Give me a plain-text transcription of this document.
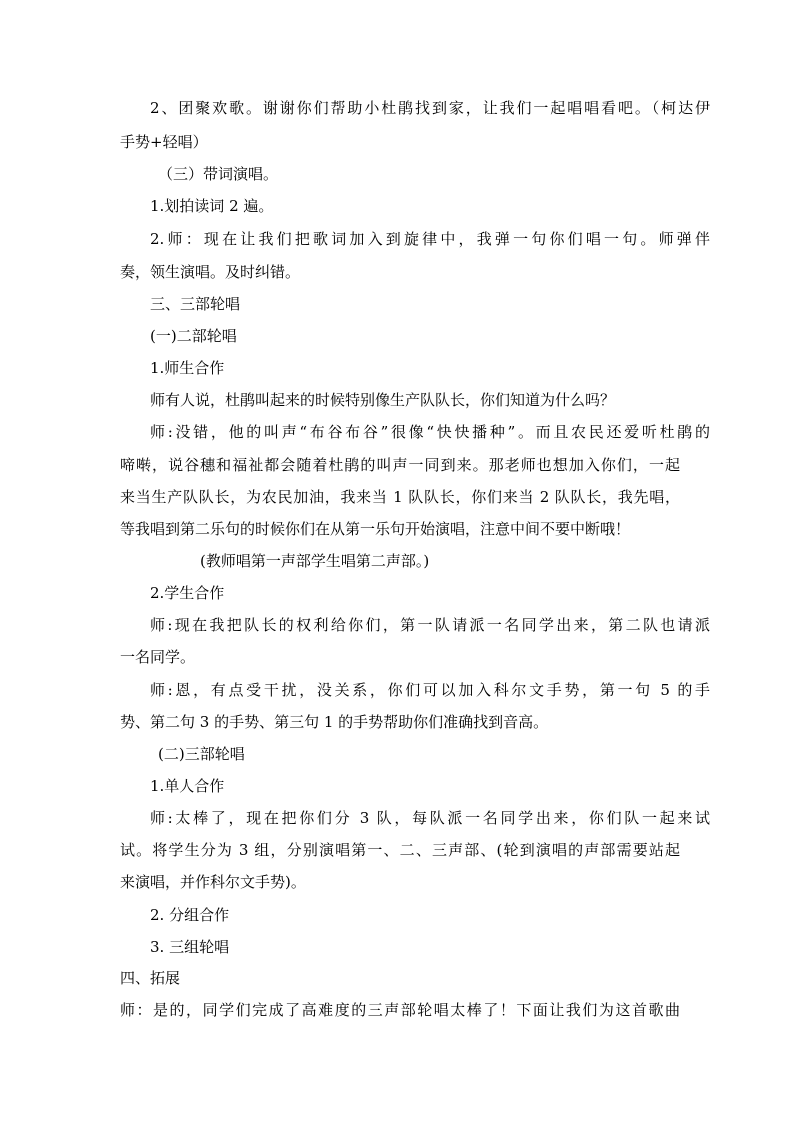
2、团聚欢歌。谢谢你们帮助小杜鹃找到家，让我们一起唱唱看吧。（柯达伊
手势+轻唱）
（三）带词演唱。
1.划拍读词 2 遍。
2.师：现在让我们把歌词加入到旋律中，我弹一句你们唱一句。师弹伴
奏，领生演唱。及时纠错。
三、三部轮唱
(一)二部轮唱
1.师生合作
师有人说，杜鹃叫起来的时候特别像生产队队长，你们知道为什么吗？
师:没错，他的叫声“布谷布谷”很像“快快播种”。而且农民还爱听杜鹃的
啼啭，说谷穗和福祉都会随着杜鹃的叫声一同到来。那老师也想加入你们，一起
来当生产队队长，为农民加油，我来当 1 队队长，你们来当 2 队队长，我先唱，
等我唱到第二乐句的时候你们在从第一乐句开始演唱，注意中间不要中断哦！
(教师唱第一声部学生唱第二声部。)
2.学生合作
师:现在我把队长的权利给你们，第一队请派一名同学出来，第二队也请派
一名同学。
师:恩，有点受干扰，没关系，你们可以加入科尔文手势，第一句 5 的手
势、第二句 3 的手势、第三句 1 的手势帮助你们准确找到音高。
(二)三部轮唱
1.单人合作
师:太棒了，现在把你们分 3 队，每队派一名同学出来，你们队一起来试
试。将学生分为 3 组，分别演唱第一、二、三声部、(轮到演唱的声部需要站起
来演唱，并作科尔文手势)。
2. 分组合作
3. 三组轮唱
四、拓展
师：是的，同学们完成了高难度的三声部轮唱太棒了！下面让我们为这首歌曲
